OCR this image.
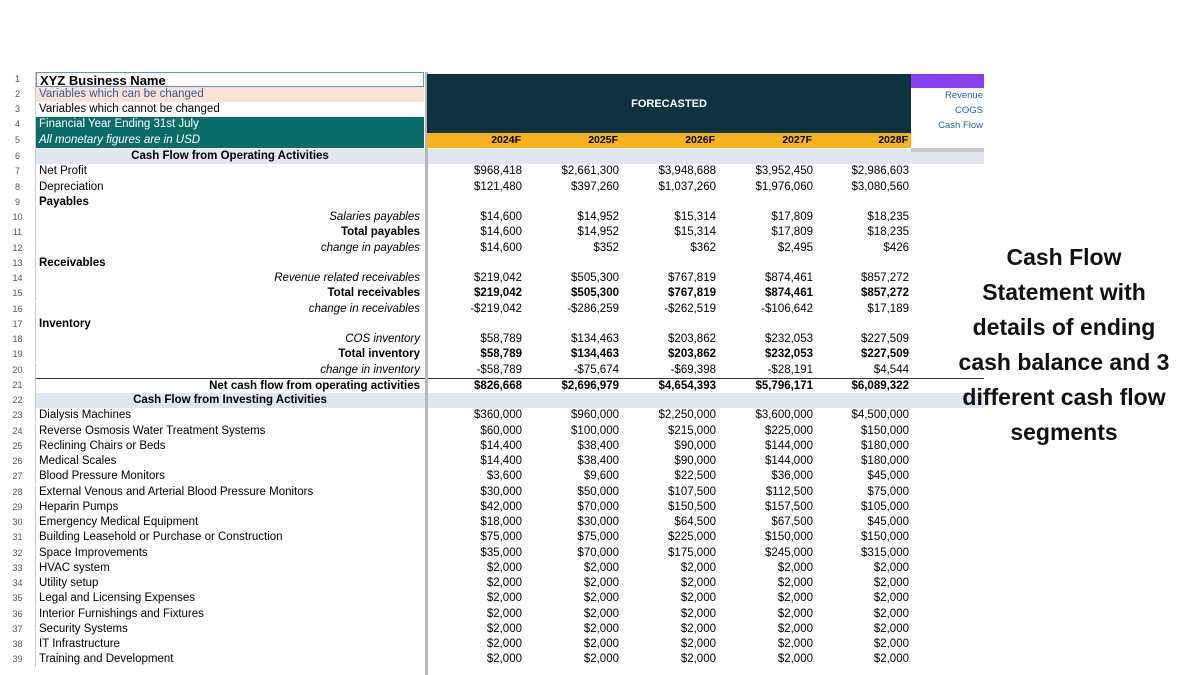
1	XYZ Business Name
2	Variables which can be changed
3	Variables which cannot be changed
4	Financial Year Ending 31st July
5	All monetary figures are in USD
6	Cash Flow from Operating Activities
7	Net Profit	$968,418	$2,661,300	$3,948,688	$3,952,450	$2,986,603
8	Depreciation	$121,480	$397,260	$1,037,260	$1,976,060	$3,080,560
9	Payables
10	Salaries payables	$14,600	$14,952	$15,314	$17,809	$18,235
11	Total payables	$14,600	$14,952	$15,314	$17,809	$18,235
12	change in payables	$14,600	$352	$362	$2,495	$426
13	Receivables
14	Revenue related receivables	$219,042	$505,300	$767,819	$874,461	$857,272
15	Total receivables	$219,042	$505,300	$767,819	$874,461	$857,272
16	change in receivables	-$219,042	-$286,259	-$262,519	-$106,642	$17,189
17	Inventory
18	COS inventory	$58,789	$134,463	$203,862	$232,053	$227,509
19	Total inventory	$58,789	$134,463	$203,862	$232,053	$227,509
20	change in inventory	-$58,789	-$75,674	-$69,398	-$28,191	$4,544
21	Net cash flow from operating activities	$826,668	$2,696,979	$4,654,393	$5,796,171	$6,089,322
22	Cash Flow from Investing Activities
23	Dialysis Machines	$360,000	$960,000	$2,250,000	$3,600,000	$4,500,000
24	Reverse Osmosis Water Treatment Systems	$60,000	$100,000	$215,000	$225,000	$150,000
25	Reclining Chairs or Beds	$14,400	$38,400	$90,000	$144,000	$180,000
26	Medical Scales	$14,400	$38,400	$90,000	$144,000	$180,000
27	Blood Pressure Monitors	$3,600	$9,600	$22,500	$36,000	$45,000
28	External Venous and Arterial Blood Pressure Monitors	$30,000	$50,000	$107,500	$112,500	$75,000
29	Heparin Pumps	$42,000	$70,000	$150,500	$157,500	$105,000
30	Emergency Medical Equipment	$18,000	$30,000	$64,500	$67,500	$45,000
31	Building Leasehold or Purchase or Construction	$75,000	$75,000	$225,000	$150,000	$150,000
32	Space Improvements	$35,000	$70,000	$175,000	$245,000	$315,000
33	HVAC system	$2,000	$2,000	$2,000	$2,000	$2,000
34	Utility setup	$2,000	$2,000	$2,000	$2,000	$2,000
35	Legal and Licensing Expenses	$2,000	$2,000	$2,000	$2,000	$2,000
36	Interior Furnishings and Fixtures	$2,000	$2,000	$2,000	$2,000	$2,000
37	Security Systems	$2,000	$2,000	$2,000	$2,000	$2,000
38	IT Infrastructure	$2,000	$2,000	$2,000	$2,000	$2,000
39	Training and Development	$2,000	$2,000	$2,000	$2,000	$2,000
FORECASTED
2024F	2025F	2026F	2027F	2028F
Revenue
COGS
Cash Flow
Cash Flow Statement with details of ending cash balance and 3 different cash flow segments
